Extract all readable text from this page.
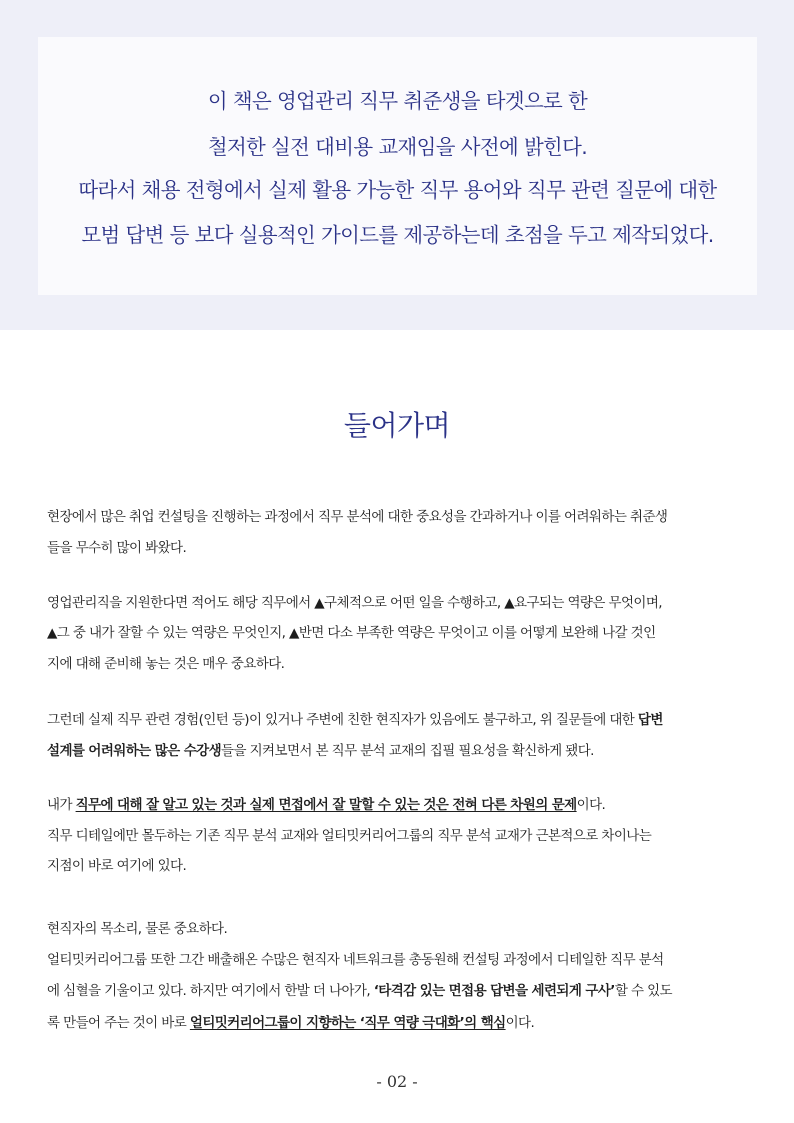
이 책은 영업관리 직무 취준생을 타겟으로 한
철저한 실전 대비용 교재임을 사전에 밝힌다.
따라서 채용 전형에서 실제 활용 가능한 직무 용어와 직무 관련 질문에 대한
모범 답변 등 보다 실용적인 가이드를 제공하는데 초점을 두고 제작되었다.
들어가며
현장에서 많은 취업 컨설팅을 진행하는 과정에서 직무 분석에 대한 중요성을 간과하거나 이를 어려워하는 취준생
들을 무수히 많이 봐왔다.
영업관리직을 지원한다면 적어도 해당 직무에서 ▲구체적으로 어떤 일을 수행하고, ▲요구되는 역량은 무엇이며,
▲그 중 내가 잘할 수 있는 역량은 무엇인지, ▲반면 다소 부족한 역량은 무엇이고 이를 어떻게 보완해 나갈 것인
지에 대해 준비해 놓는 것은 매우 중요하다.
그런데 실제 직무 관련 경험(인턴 등)이 있거나 주변에 친한 현직자가 있음에도 불구하고, 위 질문들에 대한 답변
설계를 어려워하는 많은 수강생들을 지켜보면서 본 직무 분석 교재의 집필 필요성을 확신하게 됐다.
내가 직무에 대해 잘 알고 있는 것과 실제 면접에서 잘 말할 수 있는 것은 전혀 다른 차원의 문제이다.
직무 디테일에만 몰두하는 기존 직무 분석 교재와 얼티밋커리어그룹의 직무 분석 교재가 근본적으로 차이나는
지점이 바로 여기에 있다.
현직자의 목소리, 물론 중요하다.
얼티밋커리어그룹 또한 그간 배출해온 수많은 현직자 네트워크를 총동원해 컨설팅 과정에서 디테일한 직무 분석
에 심혈을 기울이고 있다. 하지만 여기에서 한발 더 나아가, ‘타격감 있는 면접용 답변을 세련되게 구사’할 수 있도
록 만들어 주는 것이 바로 얼티밋커리어그룹이 지향하는 ‘직무 역량 극대화’의 핵심이다.
- 02 -
